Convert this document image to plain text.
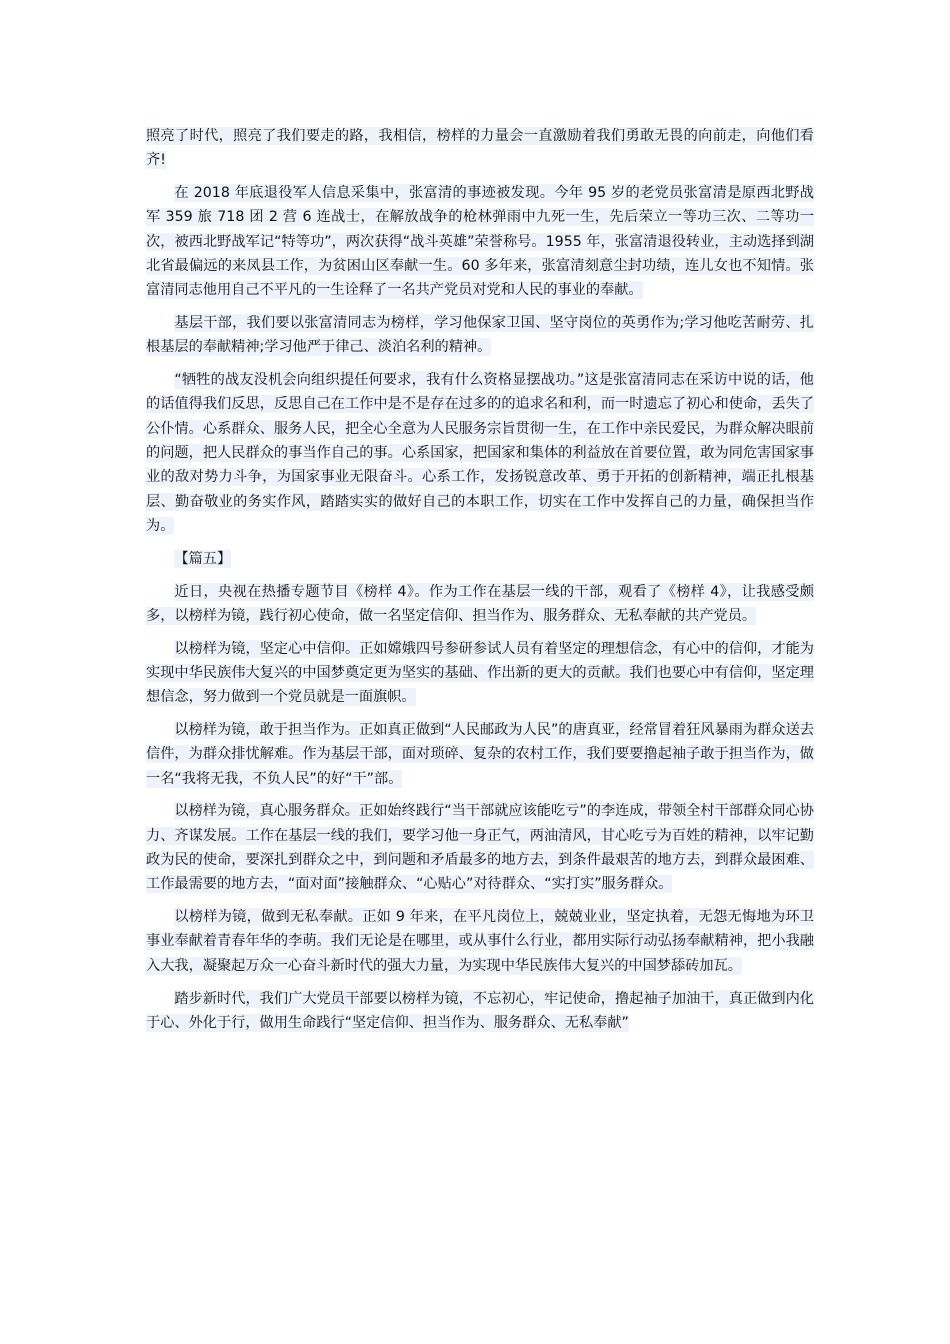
照亮了时代，照亮了我们要走的路，我相信，榜样的力量会一直激励着我们勇敢无畏的向前走，向他们看齐!

在 2018 年底退役军人信息采集中，张富清的事迹被发现。今年 95 岁的老党员张富清是原西北野战军 359 旅 718 团 2 营 6 连战士，在解放战争的枪林弹雨中九死一生，先后荣立一等功三次、二等功一次，被西北野战军记“特等功”，两次获得“战斗英雄”荣誉称号。1955 年，张富清退役转业，主动选择到湖北省最偏远的来凤县工作，为贫困山区奉献一生。60 多年来，张富清刻意尘封功绩，连儿女也不知情。张富清同志他用自己不平凡的一生诠释了一名共产党员对党和人民的事业的奉献。

基层干部，我们要以张富清同志为榜样，学习他保家卫国、坚守岗位的英勇作为;学习他吃苦耐劳、扎根基层的奉献精神;学习他严于律己、淡泊名利的精神。

“牺牲的战友没机会向组织提任何要求，我有什么资格显摆战功。”这是张富清同志在采访中说的话，他的话值得我们反思，反思自己在工作中是不是存在过多的的追求名和利，而一时遗忘了初心和使命，丢失了公仆情。心系群众、服务人民，把全心全意为人民服务宗旨贯彻一生，在工作中亲民爱民，为群众解决眼前的问题，把人民群众的事当作自己的事。心系国家，把国家和集体的利益放在首要位置，敢为同危害国家事业的敌对势力斗争，为国家事业无限奋斗。心系工作，发扬锐意改革、勇于开拓的创新精神，端正扎根基层、勤奋敬业的务实作风，踏踏实实的做好自己的本职工作，切实在工作中发挥自己的力量，确保担当作为。

【篇五】

近日，央视在热播专题节目《榜样 4》。作为工作在基层一线的干部，观看了《榜样 4》，让我感受颇多，以榜样为镜，践行初心使命，做一名坚定信仰、担当作为、服务群众、无私奉献的共产党员。

以榜样为镜，坚定心中信仰。正如嫦娥四号参研参试人员有着坚定的理想信念，有心中的信仰，才能为实现中华民族伟大复兴的中国梦奠定更为坚实的基础、作出新的更大的贡献。我们也要心中有信仰，坚定理想信念，努力做到一个党员就是一面旗帜。

以榜样为镜，敢于担当作为。正如真正做到“人民邮政为人民”的唐真亚，经常冒着狂风暴雨为群众送去信件，为群众排忧解难。作为基层干部，面对琐碎、复杂的农村工作，我们要要撸起袖子敢于担当作为，做一名“我将无我，不负人民”的好“干”部。

以榜样为镜，真心服务群众。正如始终践行“当干部就应该能吃亏”的李连成，带领全村干部群众同心协力、齐谋发展。工作在基层一线的我们，要学习他一身正气，两油清风，甘心吃亏为百姓的精神，以牢记勤政为民的使命，要深扎到群众之中，到问题和矛盾最多的地方去，到条件最艰苦的地方去，到群众最困难、工作最需要的地方去，“面对面”接触群众、“心贴心”对待群众、“实打实”服务群众。

以榜样为镜，做到无私奉献。正如 9 年来，在平凡岗位上，兢兢业业，坚定执着，无怨无悔地为环卫事业奉献着青春年华的李萌。我们无论是在哪里，或从事什么行业，都用实际行动弘扬奉献精神，把小我融入大我，凝聚起万众一心奋斗新时代的强大力量，为实现中华民族伟大复兴的中国梦舔砖加瓦。

踏步新时代，我们广大党员干部要以榜样为镜，不忘初心，牢记使命，撸起袖子加油干，真正做到内化于心、外化于行，做用生命践行“坚定信仰、担当作为、服务群众、无私奉献”
